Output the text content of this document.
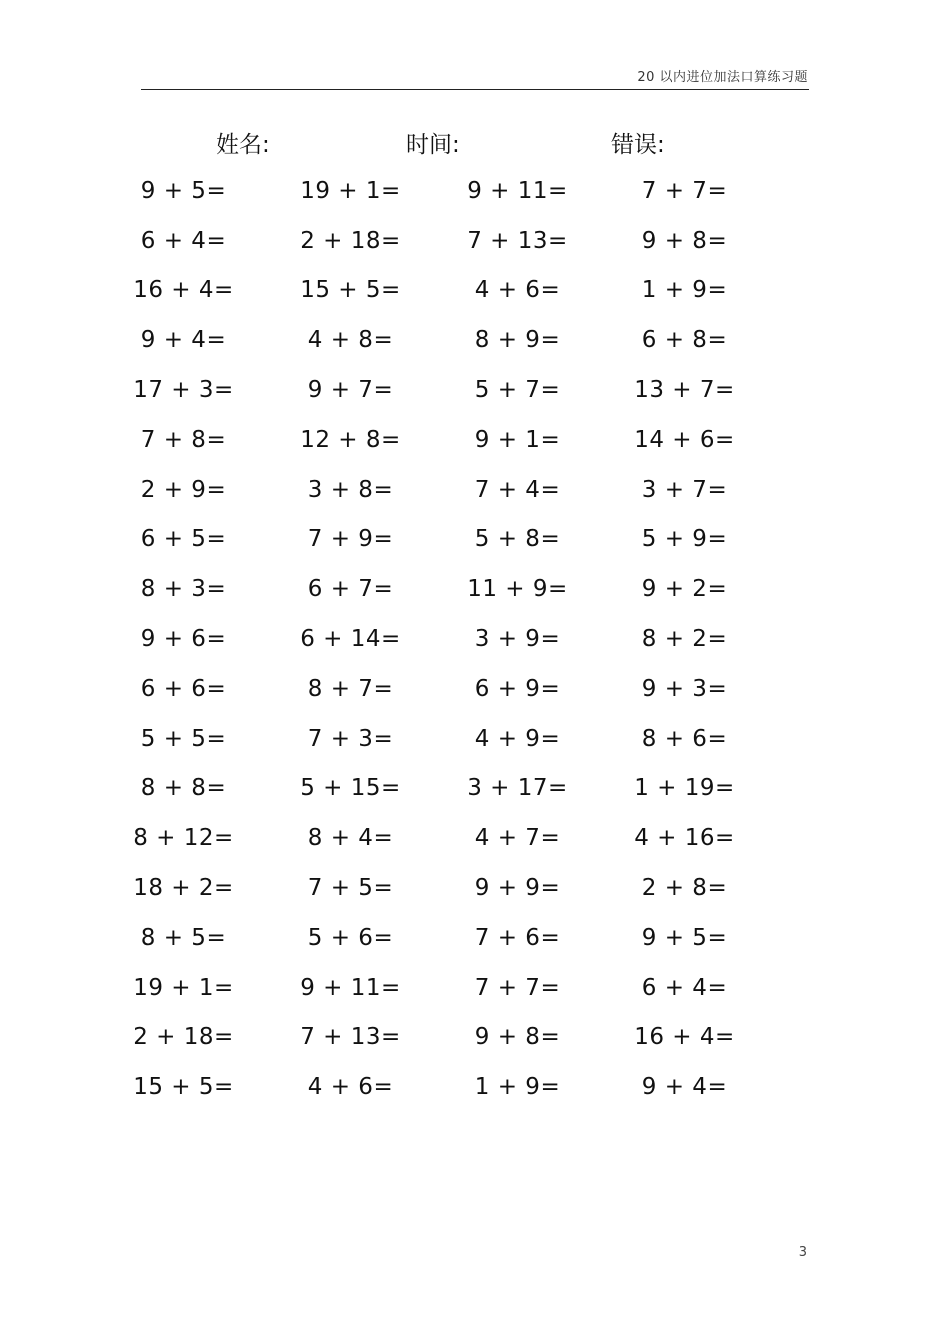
20 以内进位加法口算练习题
姓名:	时间:	错误:
9 + 5=	19 + 1=	9 + 11=	7 + 7=
6 + 4=	2 + 18=	7 + 13=	9 + 8=
16 + 4=	15 + 5=	4 + 6=	1 + 9=
9 + 4=	4 + 8=	8 + 9=	6 + 8=
17 + 3=	9 + 7=	5 + 7=	13 + 7=
7 + 8=	12 + 8=	9 + 1=	14 + 6=
2 + 9=	3 + 8=	7 + 4=	3 + 7=
6 + 5=	7 + 9=	5 + 8=	5 + 9=
8 + 3=	6 + 7=	11 + 9=	9 + 2=
9 + 6=	6 + 14=	3 + 9=	8 + 2=
6 + 6=	8 + 7=	6 + 9=	9 + 3=
5 + 5=	7 + 3=	4 + 9=	8 + 6=
8 + 8=	5 + 15=	3 + 17=	1 + 19=
8 + 12=	8 + 4=	4 + 7=	4 + 16=
18 + 2=	7 + 5=	9 + 9=	2 + 8=
8 + 5=	5 + 6=	7 + 6=	9 + 5=
19 + 1=	9 + 11=	7 + 7=	6 + 4=
2 + 18=	7 + 13=	9 + 8=	16 + 4=
15 + 5=	4 + 6=	1 + 9=	9 + 4=
3
